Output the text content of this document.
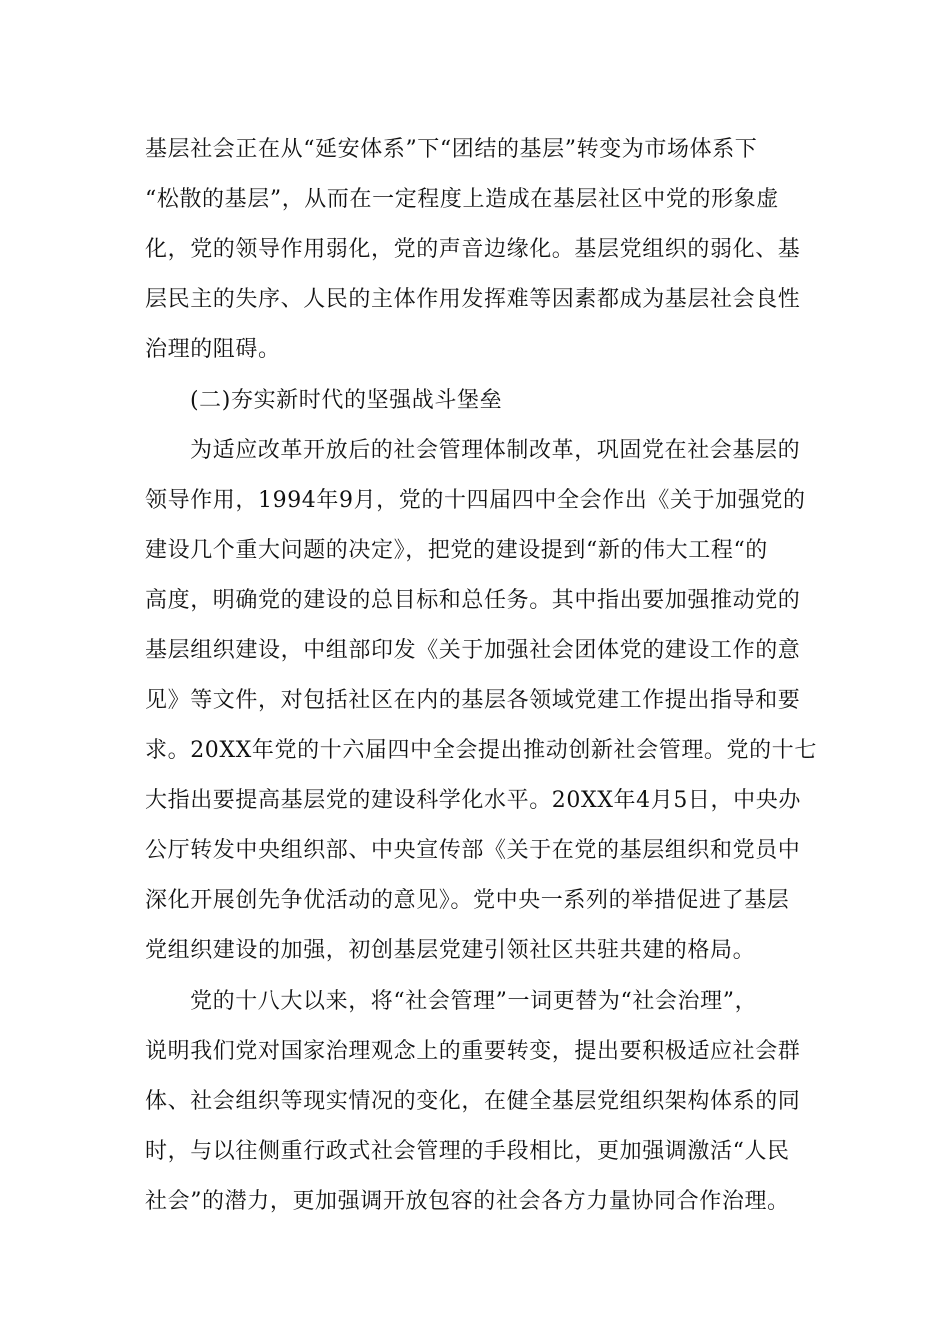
基层社会正在从“延安体系”下“团结的基层”转变为市场体系下
“松散的基层”，从而在一定程度上造成在基层社区中党的形象虚
化，党的领导作用弱化，党的声音边缘化。基层党组织的弱化、基
层民主的失序、人民的主体作用发挥难等因素都成为基层社会良性
治理的阻碍。
(二)夯实新时代的坚强战斗堡垒
为适应改革开放后的社会管理体制改革，巩固党在社会基层的
领导作用，1994年9月，党的十四届四中全会作出《关于加强党的
建设几个重大问题的决定》，把党的建设提到“新的伟大工程“的
高度，明确党的建设的总目标和总任务。其中指出要加强推动党的
基层组织建设，中组部印发《关于加强社会团体党的建设工作的意
见》等文件，对包括社区在内的基层各领域党建工作提出指导和要
求。20XX年党的十六届四中全会提出推动创新社会管理。党的十七
大指出要提高基层党的建设科学化水平。20XX年4月5日，中央办
公厅转发中央组织部、中央宣传部《关于在党的基层组织和党员中
深化开展创先争优活动的意见》。党中央一系列的举措促进了基层
党组织建设的加强，初创基层党建引领社区共驻共建的格局。
党的十八大以来，将“社会管理”一词更替为“社会治理”，
说明我们党对国家治理观念上的重要转变，提出要积极适应社会群
体、社会组织等现实情况的变化，在健全基层党组织架构体系的同
时，与以往侧重行政式社会管理的手段相比，更加强调激活“人民
社会”的潜力，更加强调开放包容的社会各方力量协同合作治理。
